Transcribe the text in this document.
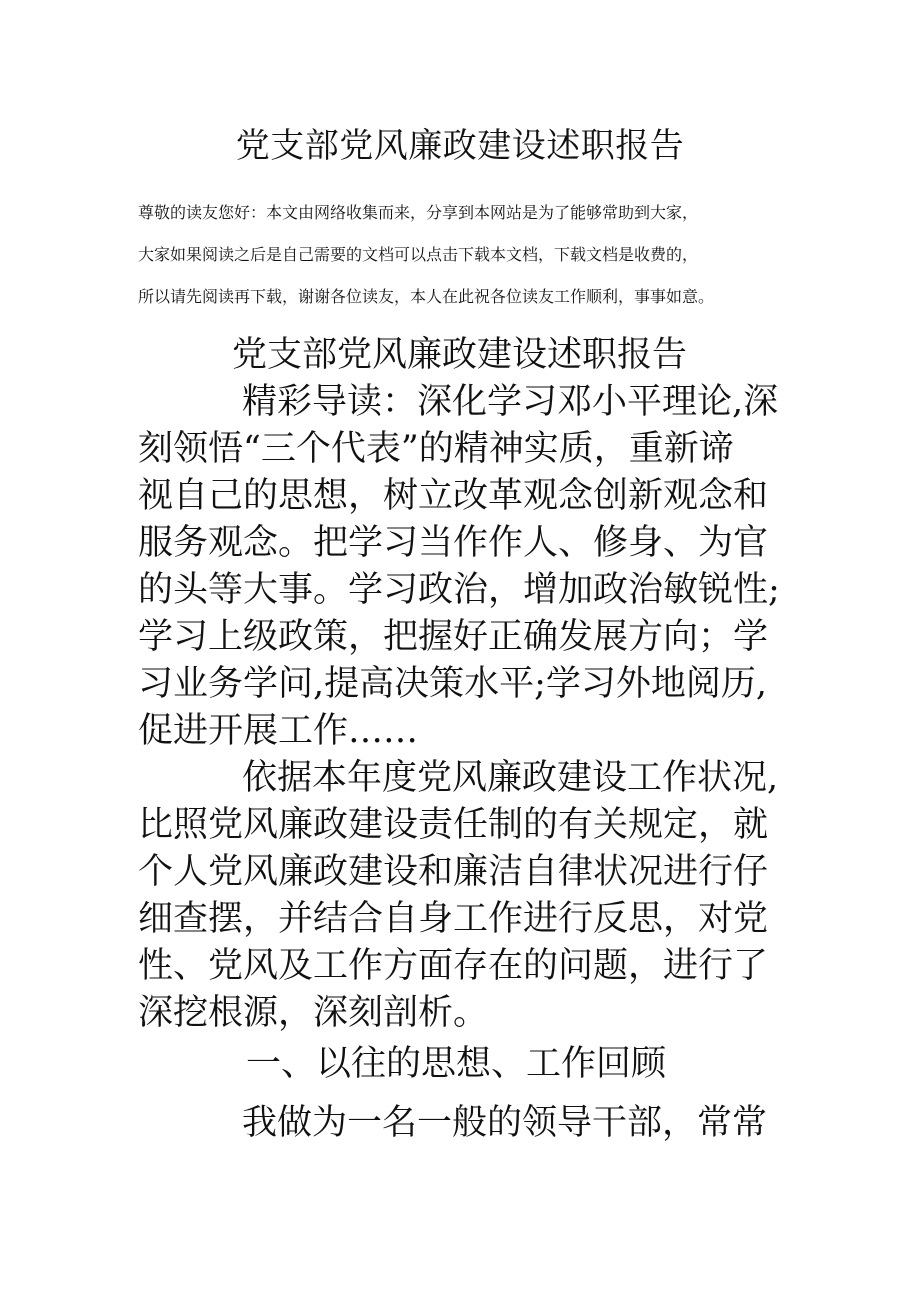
党支部党风廉政建设述职报告
尊敬的读友您好：本文由网络收集而来，分享到本网站是为了能够常助到大家，
大家如果阅读之后是自己需要的文档可以点击下载本文档，下载文档是收费的，
所以请先阅读再下载，谢谢各位读友，本人在此祝各位读友工作顺利，事事如意。
党支部党风廉政建设述职报告
精彩导读：深化学习邓小平理论,深
刻领悟“三个代表”的精神实质，重新谛
视自己的思想，树立改革观念创新观念和
服务观念。把学习当作作人、修身、为官
的头等大事。学习政治，增加政治敏锐性;
学习上级政策，把握好正确发展方向；学
习业务学问,提高决策水平;学习外地阅历,
促进开展工作……
依据本年度党风廉政建设工作状况,
比照党风廉政建设责任制的有关规定，就
个人党风廉政建设和廉洁自律状况进行仔
细查摆，并结合自身工作进行反思，对党
性、党风及工作方面存在的问题，进行了
深挖根源，深刻剖析。
一、以往的思想、工作回顾
我做为一名一般的领导干部，常常
